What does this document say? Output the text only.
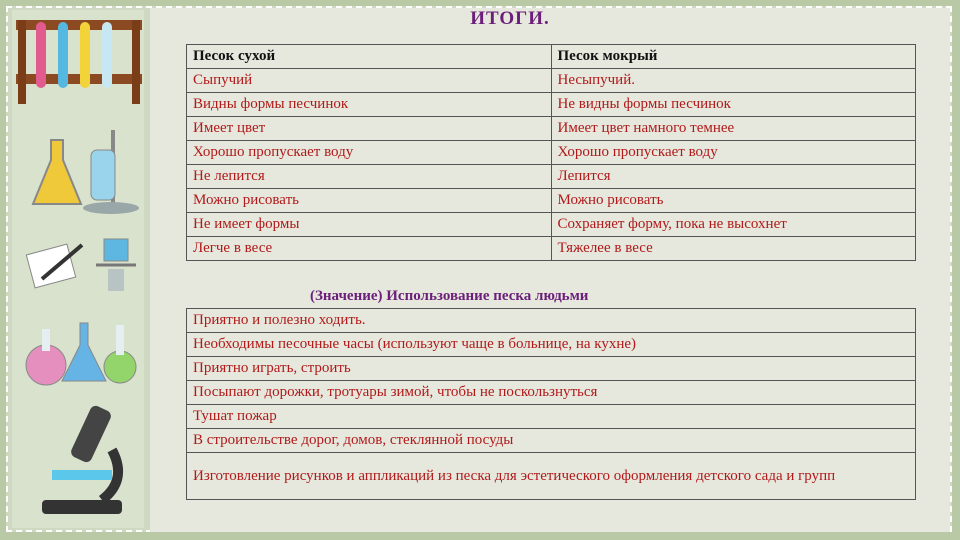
ИТОГИ.
Песок сухой	Песок мокрый
Сыпучий	Несыпучий.
Видны формы песчинок	Не видны формы песчинок
Имеет цвет	Имеет цвет намного темнее
Хорошо пропускает воду	Хорошо пропускает воду
Не лепится	Лепится
Можно рисовать	Можно рисовать
Не имеет формы	Сохраняет форму, пока не высохнет
Легче в весе	Тяжелее в весе
(Значение) Использование песка людьми
Приятно и полезно ходить.
Необходимы песочные часы (используют чаще в больнице, на кухне)
Приятно играть, строить
Посыпают дорожки, тротуары зимой, чтобы не поскользнуться
Тушат пожар
В строительстве дорог, домов, стеклянной посуды
Изготовление рисунков и аппликаций из песка для эстетического оформления детского сада и групп
